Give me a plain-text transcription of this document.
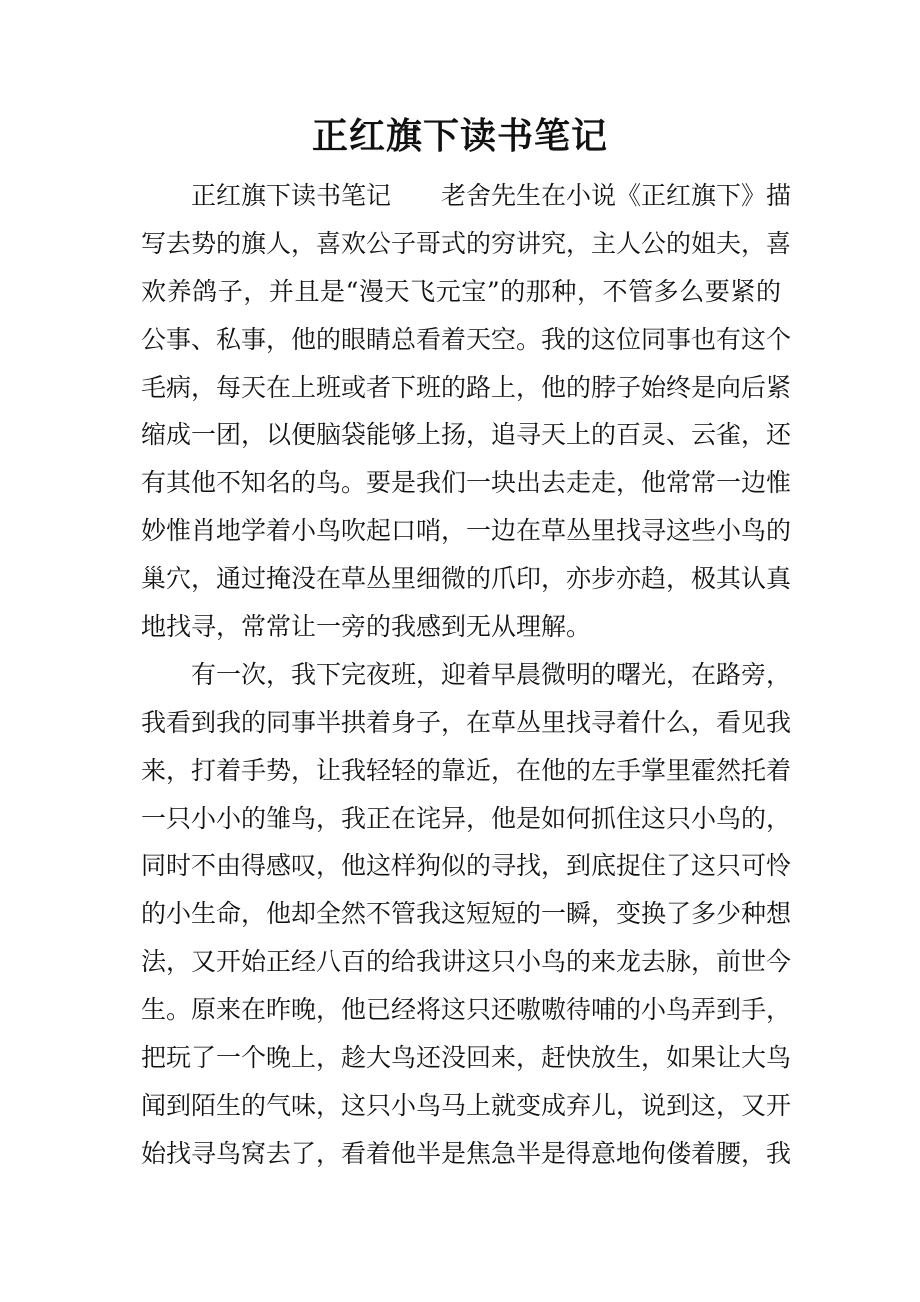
正红旗下读书笔记
正红旗下读书笔记　　老舍先生在小说《正红旗下》描
写去势的旗人，喜欢公子哥式的穷讲究，主人公的姐夫，喜
欢养鸽子，并且是“漫天飞元宝”的那种，不管多么要紧的
公事、私事，他的眼睛总看着天空。我的这位同事也有这个
毛病，每天在上班或者下班的路上，他的脖子始终是向后紧
缩成一团，以便脑袋能够上扬，追寻天上的百灵、云雀，还
有其他不知名的鸟。要是我们一块出去走走，他常常一边惟
妙惟肖地学着小鸟吹起口哨，一边在草丛里找寻这些小鸟的
巢穴，通过掩没在草丛里细微的爪印，亦步亦趋，极其认真
地找寻，常常让一旁的我感到无从理解。
有一次，我下完夜班，迎着早晨微明的曙光，在路旁，
我看到我的同事半拱着身子，在草丛里找寻着什么，看见我
来，打着手势，让我轻轻的靠近，在他的左手掌里霍然托着
一只小小的雏鸟，我正在诧异，他是如何抓住这只小鸟的，
同时不由得感叹，他这样狗似的寻找，到底捉住了这只可怜
的小生命，他却全然不管我这短短的一瞬，变换了多少种想
法，又开始正经八百的给我讲这只小鸟的来龙去脉，前世今
生。原来在昨晚，他已经将这只还嗷嗷待哺的小鸟弄到手，
把玩了一个晚上，趁大鸟还没回来，赶快放生，如果让大鸟
闻到陌生的气味，这只小鸟马上就变成弃儿，说到这，又开
始找寻鸟窝去了，看着他半是焦急半是得意地佝偻着腰，我
